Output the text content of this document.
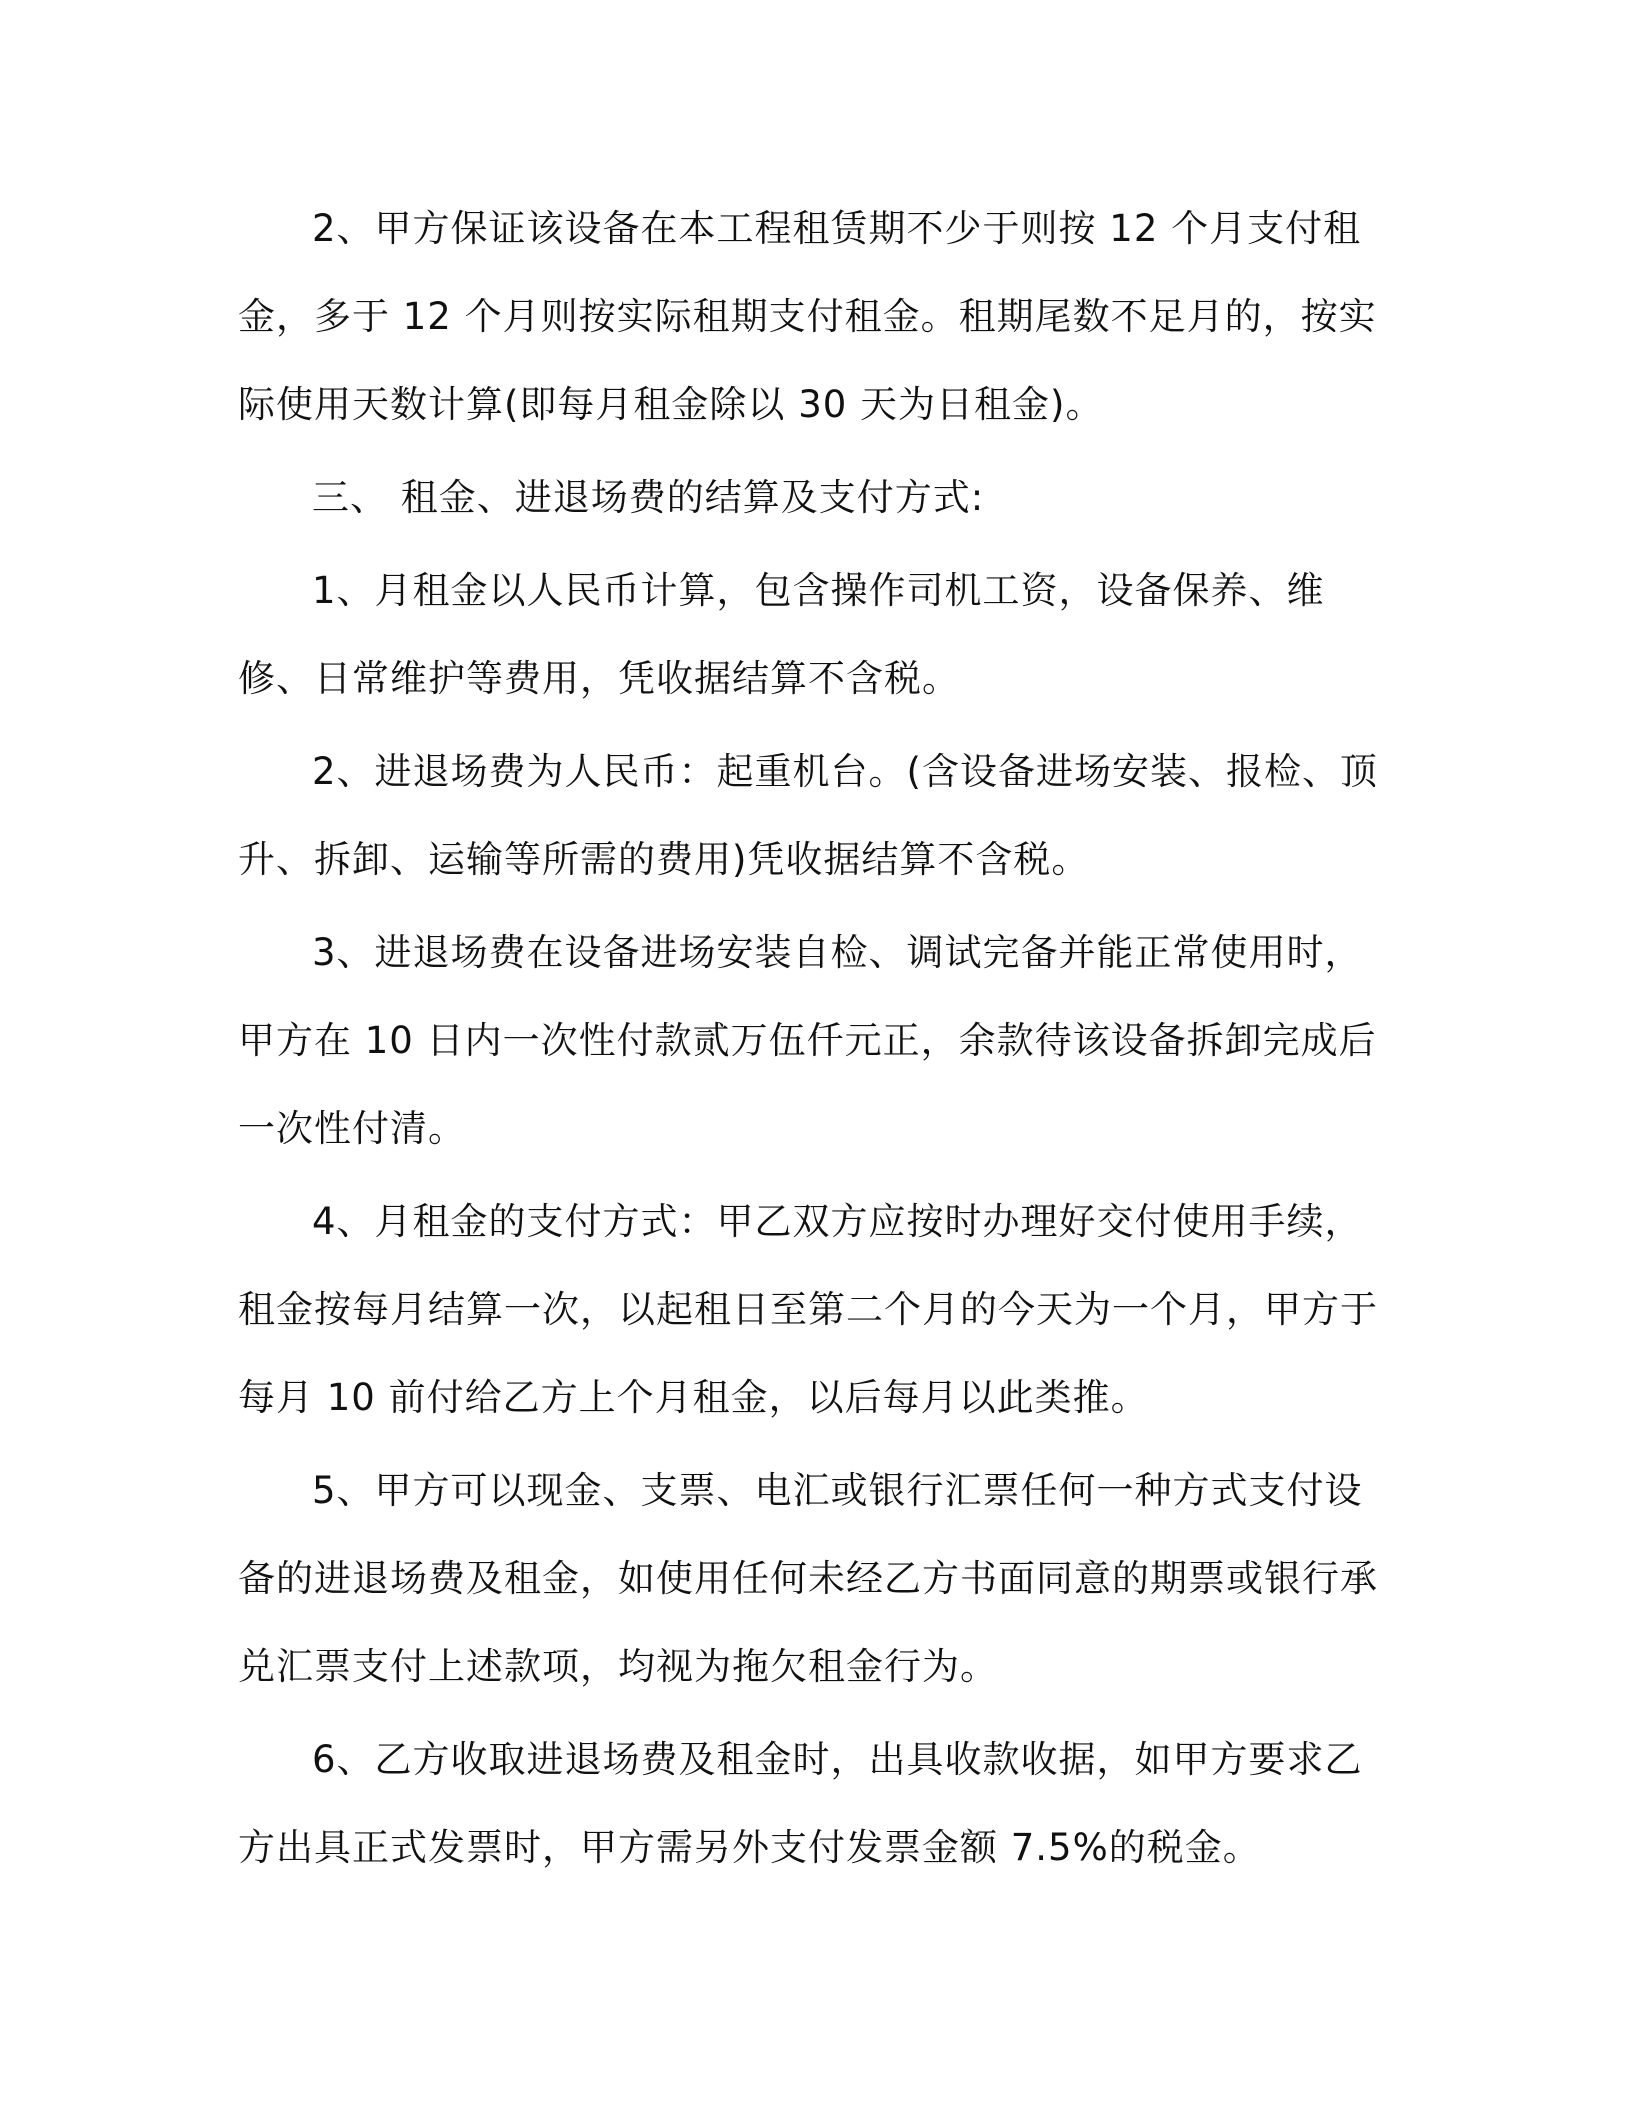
2、甲方保证该设备在本工程租赁期不少于则按 12 个月支付租金，多于 12 个月则按实际租期支付租金。租期尾数不足月的，按实际使用天数计算(即每月租金除以 30 天为日租金)。

三、 租金、进退场费的结算及支付方式:

1、月租金以人民币计算，包含操作司机工资，设备保养、维修、日常维护等费用，凭收据结算不含税。

2、进退场费为人民币：起重机台。(含设备进场安装、报检、顶升、拆卸、运输等所需的费用)凭收据结算不含税。

3、进退场费在设备进场安装自检、调试完备并能正常使用时，甲方在 10 日内一次性付款贰万伍仟元正，余款待该设备拆卸完成后一次性付清。

4、月租金的支付方式：甲乙双方应按时办理好交付使用手续，租金按每月结算一次，以起租日至第二个月的今天为一个月，甲方于每月 10 前付给乙方上个月租金，以后每月以此类推。

5、甲方可以现金、支票、电汇或银行汇票任何一种方式支付设备的进退场费及租金，如使用任何未经乙方书面同意的期票或银行承兑汇票支付上述款项，均视为拖欠租金行为。

6、乙方收取进退场费及租金时，出具收款收据，如甲方要求乙方出具正式发票时，甲方需另外支付发票金额 7.5%的税金。
